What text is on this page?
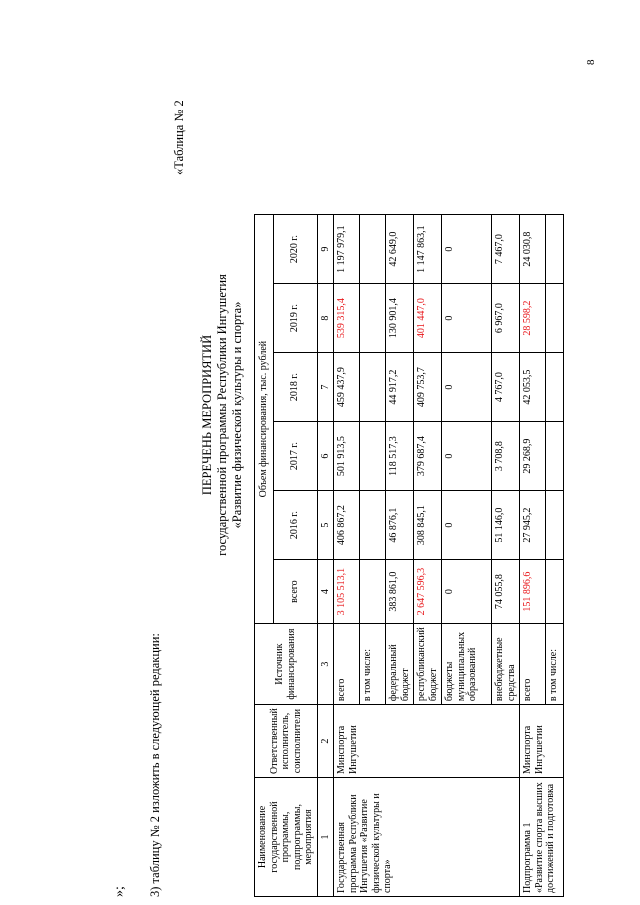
8
»; 3) таблицу № 2 изложить в следующей редакции:
«Таблица № 2
ПЕРЕЧЕНЬ МЕРОПРИЯТИЙ государственной программы Республики Ингушетия «Развитие физической культуры и спорта»
Наименование государственной программы, подпрограммы, мероприятия	Ответственный исполнитель, соисполнители	Источник финансирования	Объем финансирования, тыс. рублей					
			всего	2016 г.	2017 г.	2018 г.	2019 г.	2020 г.
1	2	3	4	5	6	7	8	9
Государственная программа Республики Ингушетия «Развитие физической культуры и спорта»	Минспорта Ингушетии	всего	3 105 513,1	406 867,2	501 913,5	459 437,9	539 315,4	1 197 979,1
		в том числе:						
		федеральный бюджет	383 861,0	46 876,1	118 517,3	44 917,2	130 901,4	42 649,0
		республиканский бюджет	2 647 596,3	308 845,1	379 687,4	409 753,7	401 447,0	1 147 863,1
		бюджеты муниципальных образований	0	0	0	0	0	0
		внебюджетные средства	74 055,8	51 146,0	3 708,8	4 767,0	6 967,0	7 467,0
Подпрограмма 1 «Развитие спорта высших достижений и подготовка	Минспорта Ингушетии	всего	151 896,6	27 945,2	29 268,9	42 053,5	28 598,2	24 030,8
		в том числе:						
